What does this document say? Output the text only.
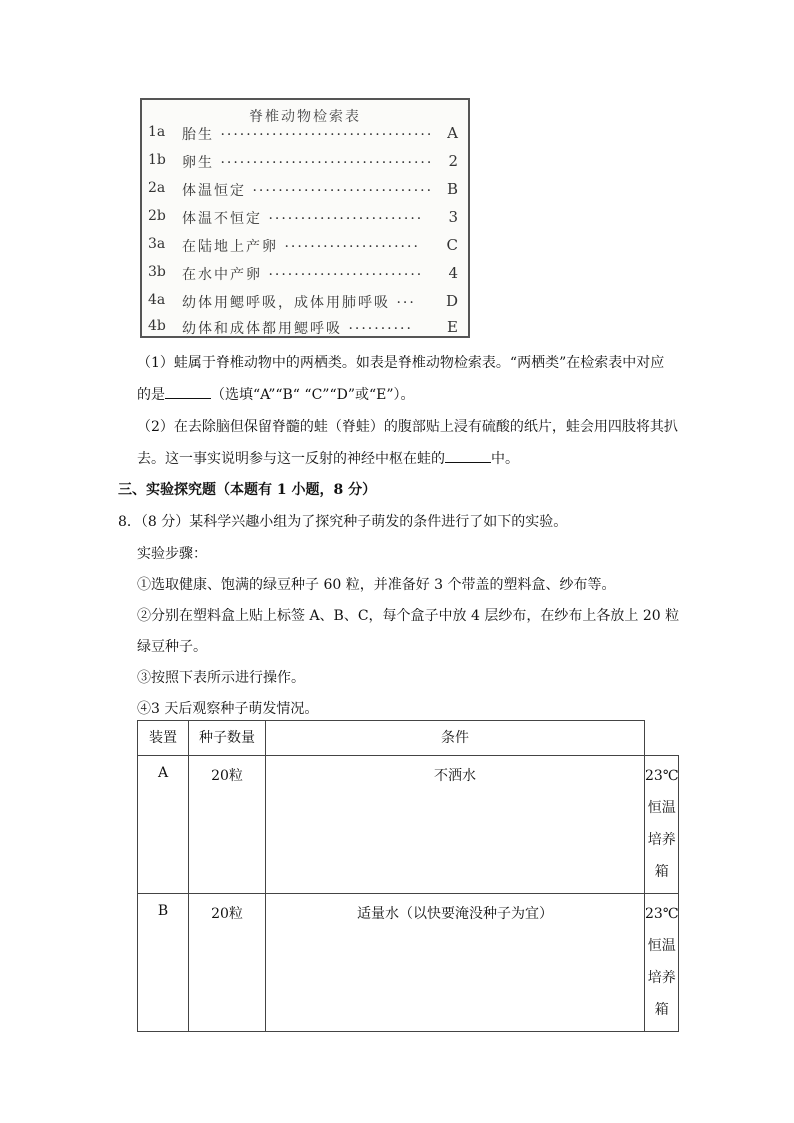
脊椎动物检索表
1a 胎生 ································· A
1b 卵生 ································· 2
2a 体温恒定 ···························· B
2b 体温不恒定 ························ 3
3a 在陆地上产卵 ····················· C
3b 在水中产卵 ························ 4
4a 幼体用鳃呼吸，成体用肺呼吸 ··· D
4b 幼体和成体都用鳃呼吸 ·········· E
（1）蛙属于脊椎动物中的两栖类。如表是脊椎动物检索表。“两栖类”在检索表中对应
的是	（选填“A”“B“ “C”“D”或“E”）。
（2）在去除脑但保留脊髓的蛙（脊蛙）的腹部贴上浸有硫酸的纸片，蛙会用四肢将其扒
去。这一事实说明参与这一反射的神经中枢在蛙的	中。
三、实验探究题（本题有 1 小题，8 分）
8．（8 分）某科学兴趣小组为了探究种子萌发的条件进行了如下的实验。
实验步骤：
①选取健康、饱满的绿豆种子 60 粒，并准备好 3 个带盖的塑料盒、纱布等。
②分别在塑料盒上贴上标签 A、B、C，每个盒子中放 4 层纱布，在纱布上各放上 20 粒
绿豆种子。
③按照下表所示进行操作。
④3 天后观察种子萌发情况。
装置	种子数量	条件	
A	20粒	不洒水	23℃
恒温
培养
箱

B	20粒	适量水（以快要淹没种子为宜）	23℃
恒温
培养
箱
